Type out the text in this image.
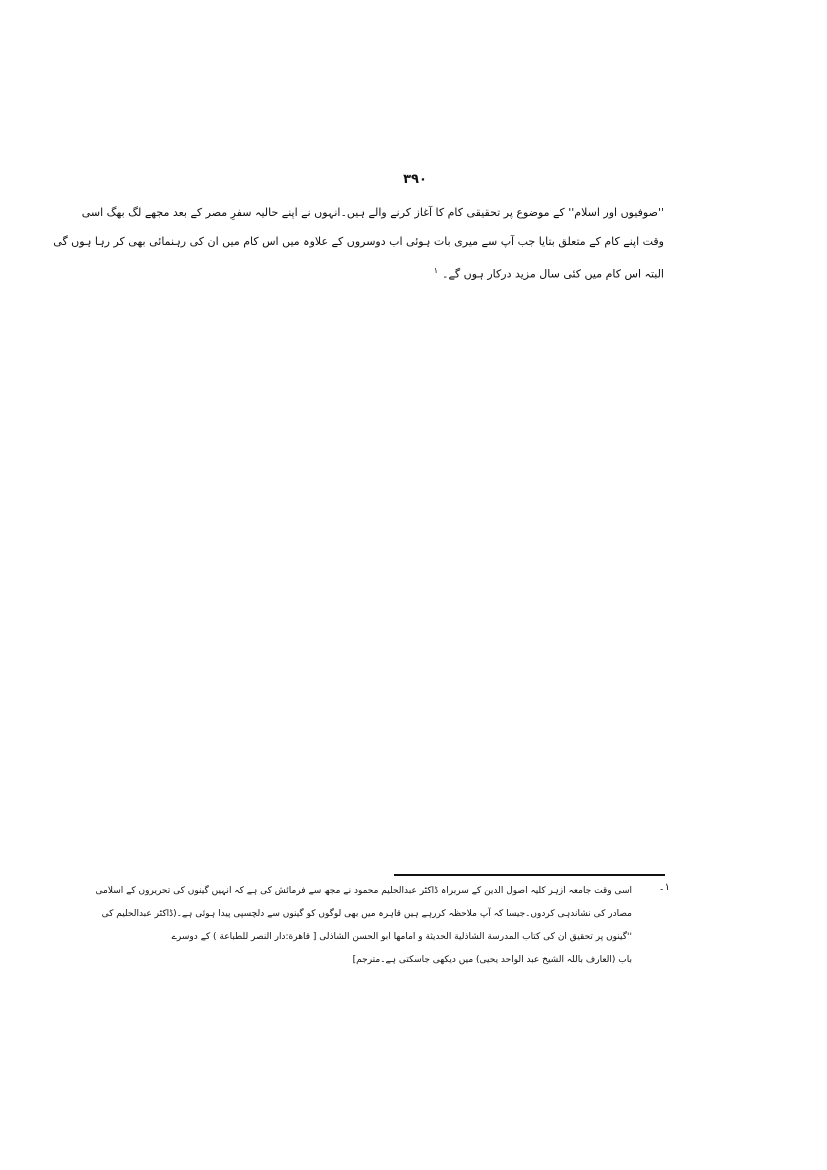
۳۹۰
''صوفیوں اور اسلام'' کے موضوع پر تحقیقی کام کا آغاز کرنے والے ہیں۔انہوں نے اپنے حالیہ سفرِ مصر کے بعد مجھے لگ بھگ اسی
وقت اپنے کام کے متعلق بتایا جب آپ سے میری بات ہوئی اب دوسروں کے علاوہ میں اس کام میں ان کی رہنمائی بھی کر رہا ہوں گی
البتہ اس کام میں کئی سال مزید درکار ہوں گے۔$^۱$
۱۔
اسی وقت جامعہ ازہر کلیہ اصول الدین کے سربراہ ڈاکٹر عبدالحلیم محمود نے مجھ سے فرمائش کی ہے کہ انہیں گینوں کی تحریروں کے اسلامی
مصادر کی نشاندہی کردوں۔جیسا کہ آپ ملاحظہ کررہے ہیں قاہرہ میں بھی لوگوں کو گینوں سے دلچسپی پیدا ہوئی ہے۔(ڈاکٹر عبدالحلیم کی
''گینوں پر تحقیق ان کی کتاب المدرسة الشاذلیة الحدیثة و امامها ابو الحسن الشاذلی [ قاهرة:دار النصر للطباعة ) کے دوسرے
باب (العارف باللہ الشیخ عبد الواحد یحیی) میں دیکھی جاسکتی ہے۔مترجم]
